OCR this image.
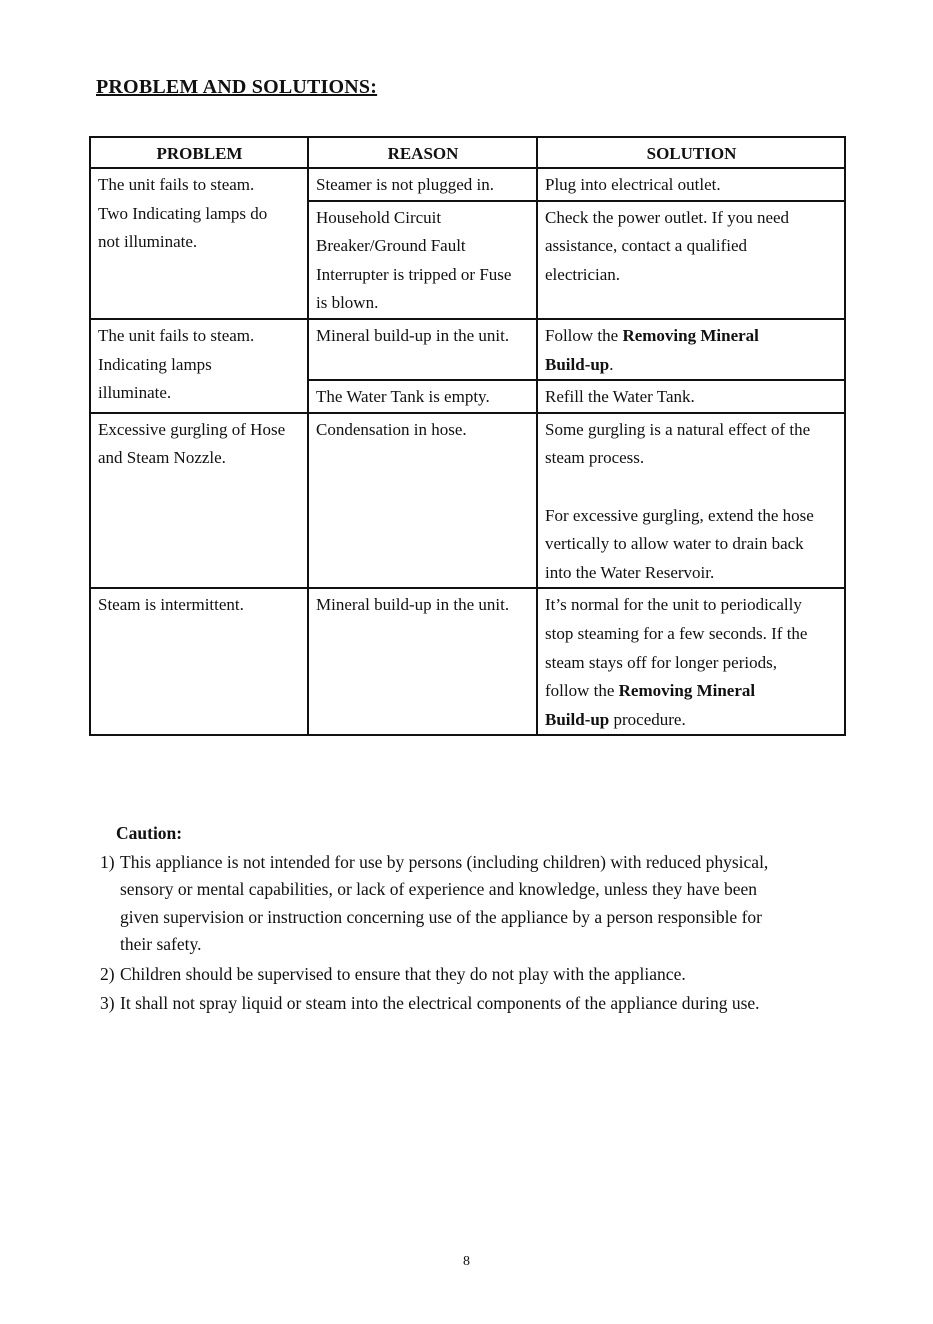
PROBLEM AND SOLUTIONS:
PROBLEM	REASON	SOLUTION

The unit fails to steam.
Two Indicating lamps do
not illuminate.	Steamer is not plugged in.	Plug into electrical outlet.

	Household Circuit
Breaker/Ground Fault
Interrupter is tripped or Fuse
is blown.	Check the power outlet. If you need
assistance, contact a qualified
electrician.

The unit fails to steam.
Indicating lamps
illuminate.	Mineral build-up in the unit.	Follow the Removing Mineral
Build-up.

	The Water Tank is empty.	Refill the Water Tank.

Excessive gurgling of Hose
and Steam Nozzle.	Condensation in hose.	Some gurgling is a natural effect of the
steam process.
For excessive gurgling, extend the hose
vertically to allow water to drain back
into the Water Reservoir.

Steam is intermittent.	Mineral build-up in the unit.	It’s normal for the unit to periodically
stop steaming for a few seconds. If the
steam stays off for longer periods,
follow the Removing Mineral
Build-up procedure.
Caution:
1) This appliance is not intended for use by persons (including children) with reduced physical,
sensory or mental capabilities, or lack of experience and knowledge, unless they have been
given supervision or instruction concerning use of the appliance by a person responsible for
their safety.
2) Children should be supervised to ensure that they do not play with the appliance.
3) It shall not spray liquid or steam into the electrical components of the appliance during use.
8
